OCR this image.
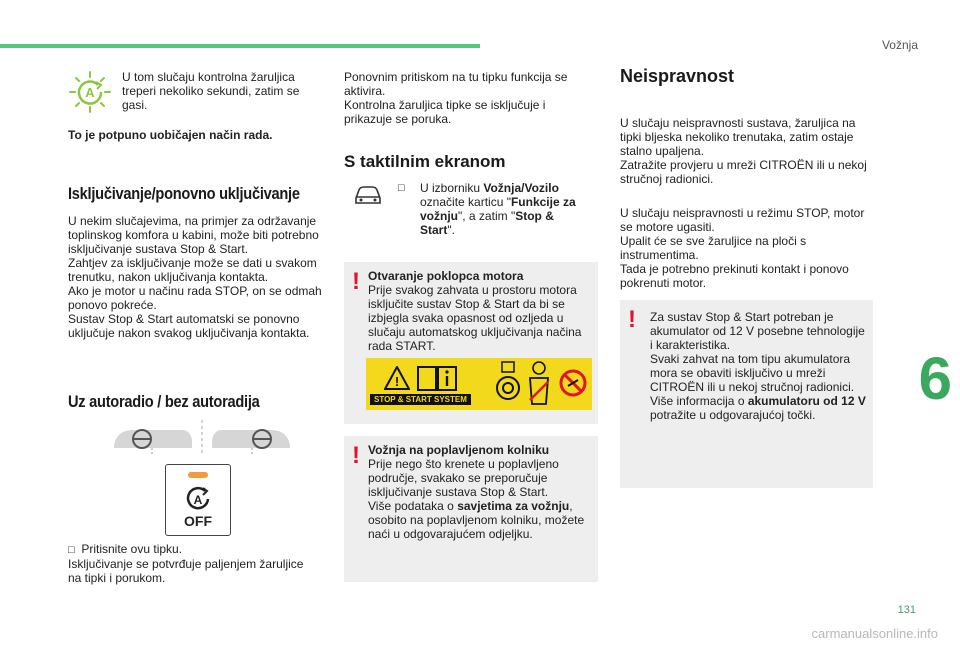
Vožnja
A
U tom slučaju kontrolna žaruljica treperi nekoliko sekundi, zatim se gasi.
To je potpuno uobičajen način rada.
Isključivanje/ponovno uključivanje
U nekim slučajevima, na primjer za održavanje toplinskog komfora u kabini, može biti potrebno isključivanje sustava Stop & Start.
Zahtjev za isključivanje može se dati u svakom trenutku, nakon uključivanja kontakta.
Ako je motor u načinu rada STOP, on se odmah ponovo pokreće.
Sustav Stop & Start automatski se ponovno uključuje nakon svakog uključivanja kontakta.
Uz autoradio / bez autoradija
A
OFF
□ Pritisnite ovu tipku.
Isključivanje se potvrđuje paljenjem žaruljice na tipki i porukom.
Ponovnim pritiskom na tu tipku funkcija se aktivira.
Kontrolna žaruljica tipke se isključuje i prikazuje se poruka.
S taktilnim ekranom
□ U izborniku Vožnja/Vozilo označite karticu "Funkcije za vožnju", a zatim "Stop & Start".
! Otvaranje poklopca motora
Prije svakog zahvata u prostoru motora isključite sustav Stop & Start da bi se izbjegla svaka opasnost od ozljeda u slučaju automatskog uključivanja načina rada START.
!
STOP & START SYSTEM
! Vožnja na poplavljenom kolniku
Prije nego što krenete u poplavljeno područje, svakako se preporučuje isključivanje sustava Stop & Start.
Više podataka o savjetima za vožnju, osobito na poplavljenom kolniku, možete naći u odgovarajućem odjeljku.
Neispravnost
U slučaju neispravnosti sustava, žaruljica na tipki bljeska nekoliko trenutaka, zatim ostaje stalno upaljena.
Zatražite provjeru u mreži CITROËN ili u nekoj stručnoj radionici.
U slučaju neispravnosti u režimu STOP, motor se motore ugasiti.
Upalit će se sve žaruljice na ploči s instrumentima.
Tada je potrebno prekinuti kontakt i ponovo pokrenuti motor.
! Za sustav Stop & Start potreban je akumulator od 12 V posebne tehnologije i karakteristika.
Svaki zahvat na tom tipu akumulatora mora se obaviti isključivo u mreži CITROËN ili u nekoj stručnoj radionici.
Više informacija o akumulatoru od 12 V potražite u odgovarajućoj točki.
6
131
carmanualsonline.info
